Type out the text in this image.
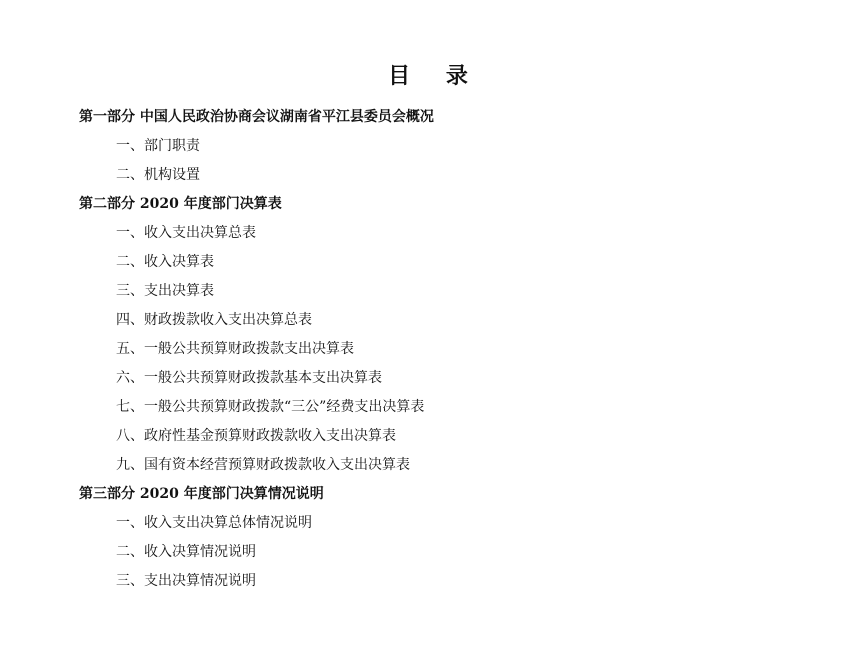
目 录
第一部分 中国人民政治协商会议湖南省平江县委员会概况
一、部门职责
二、机构设置
第二部分 2020 年度部门决算表
一、收入支出决算总表
二、收入决算表
三、支出决算表
四、财政拨款收入支出决算总表
五、一般公共预算财政拨款支出决算表
六、一般公共预算财政拨款基本支出决算表
七、一般公共预算财政拨款“三公”经费支出决算表
八、政府性基金预算财政拨款收入支出决算表
九、国有资本经营预算财政拨款收入支出决算表
第三部分 2020 年度部门决算情况说明
一、收入支出决算总体情况说明
二、收入决算情况说明
三、支出决算情况说明
